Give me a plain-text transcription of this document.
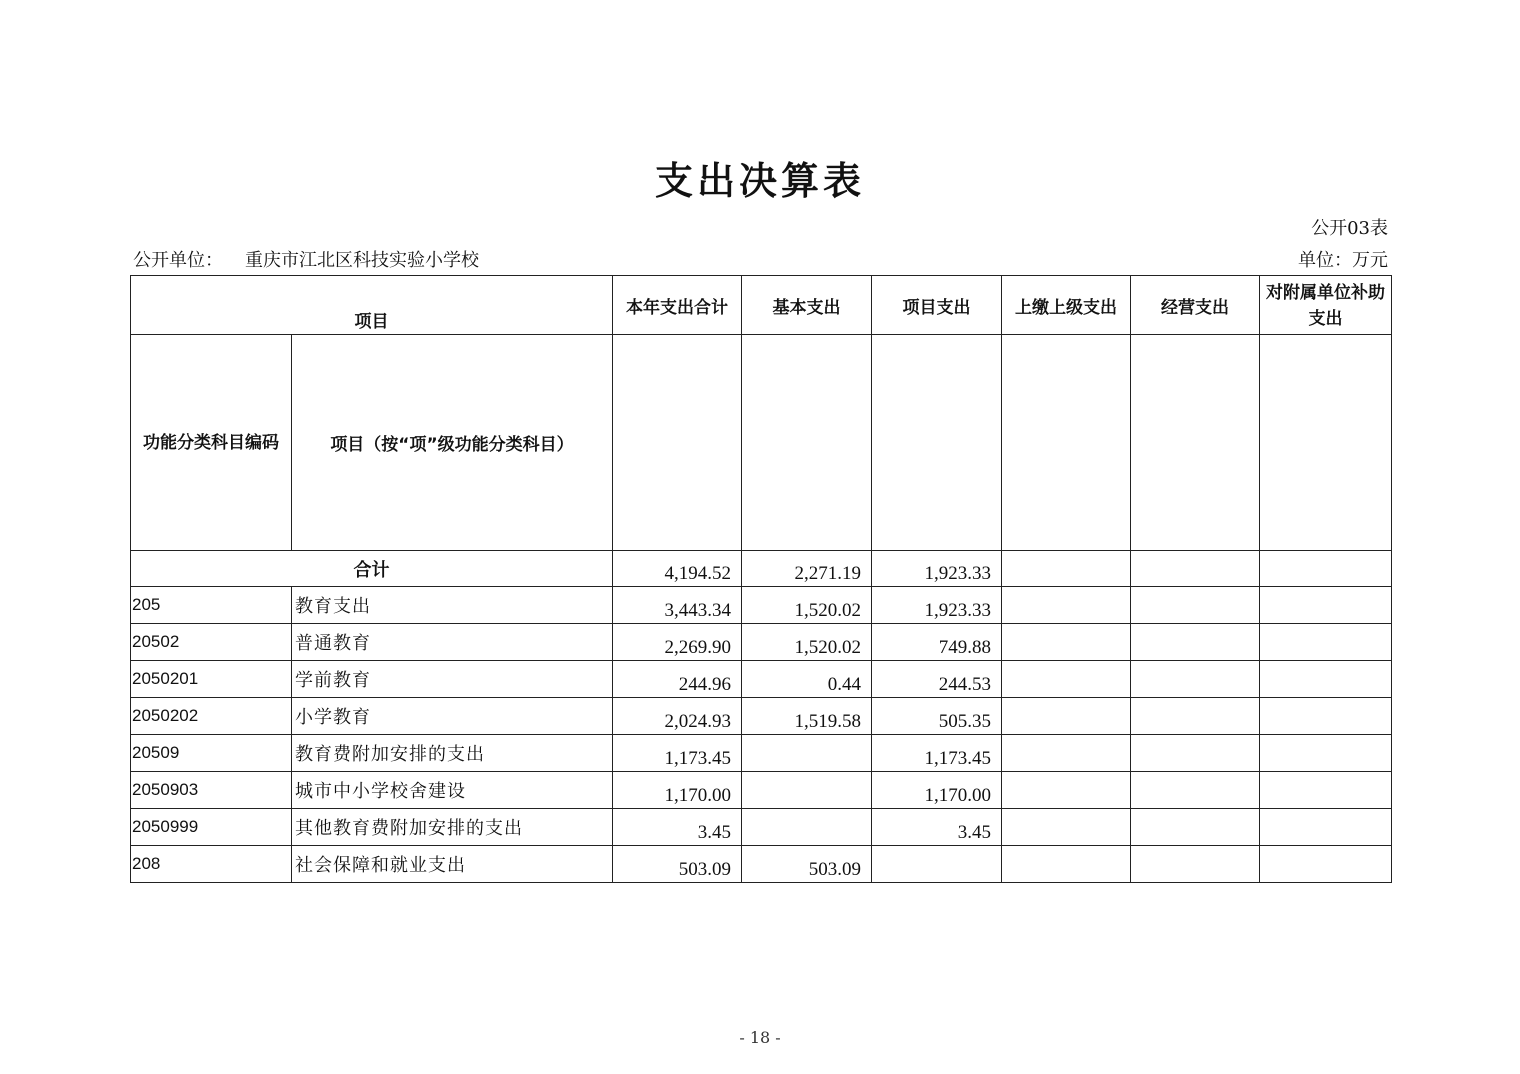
支出决算表
公开03表
公开单位： 重庆市江北区科技实验小学校	单位：万元
项目		本年支出合计	基本支出	项目支出	上缴上级支出	经营支出	对附属单位补助支出
功能分类科目编码	项目（按“项”级功能分类科目）						
合计		4,194.52	2,271.19	1,923.33			
205	教育支出	3,443.34	1,520.02	1,923.33			
20502	普通教育	2,269.90	1,520.02	749.88			
2050201	学前教育	244.96	0.44	244.53			
2050202	小学教育	2,024.93	1,519.58	505.35			
20509	教育费附加安排的支出	1,173.45		1,173.45			
2050903	城市中小学校舍建设	1,170.00		1,170.00			
2050999	其他教育费附加安排的支出	3.45		3.45			
208	社会保障和就业支出	503.09	503.09				
- 18 -
